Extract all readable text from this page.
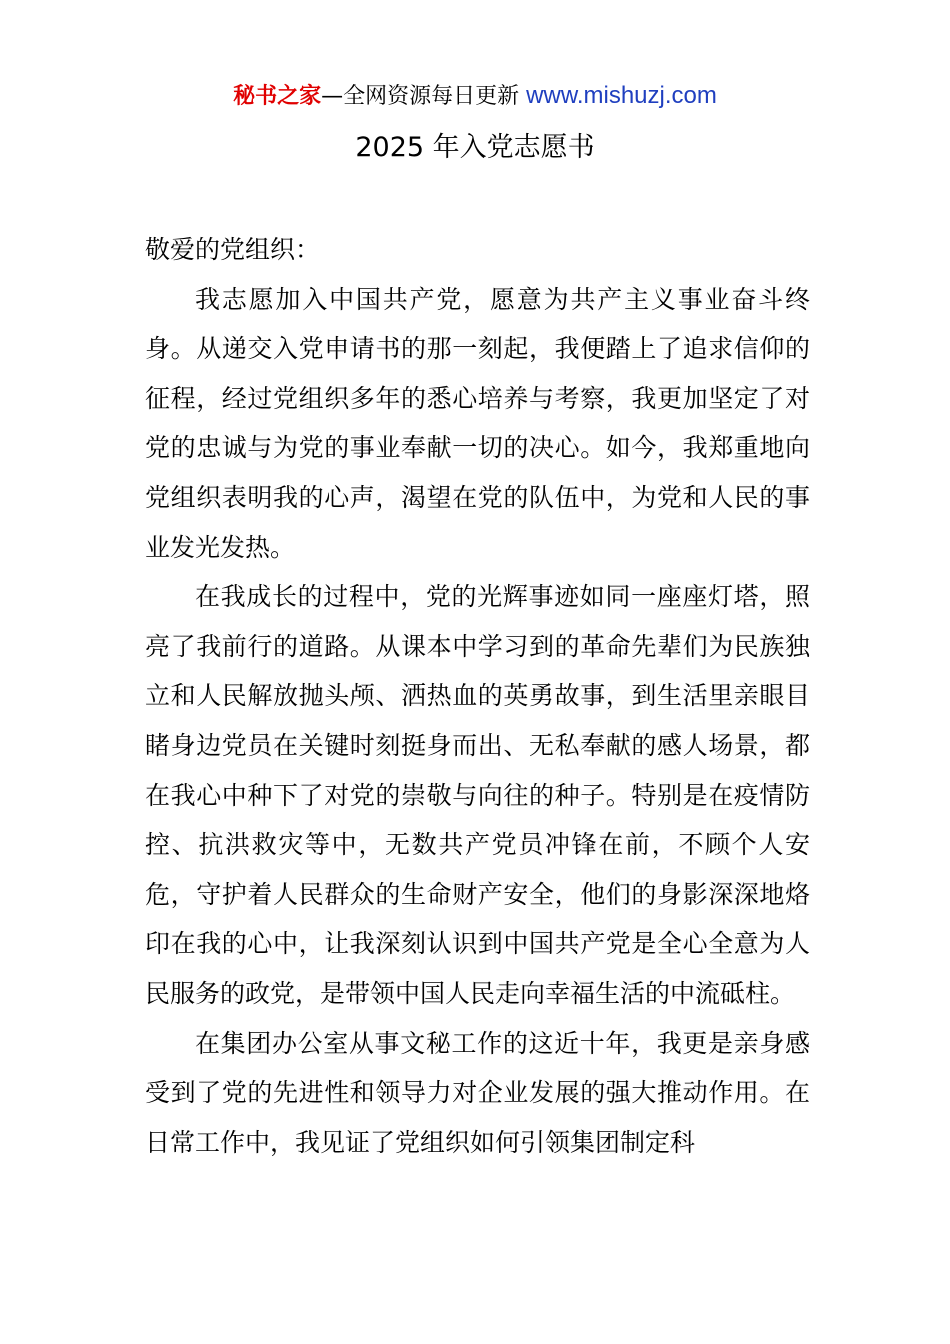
秘书之家—全网资源每日更新 www.mishuzj.com
2025 年入党志愿书

敬爱的党组织：

我志愿加入中国共产党，愿意为共产主义事业奋斗终身。从递交入党申请书的那一刻起，我便踏上了追求信仰的征程，经过党组织多年的悉心培养与考察，我更加坚定了对党的忠诚与为党的事业奉献一切的决心。如今，我郑重地向党组织表明我的心声，渴望在党的队伍中，为党和人民的事业发光发热。

在我成长的过程中，党的光辉事迹如同一座座灯塔，照亮了我前行的道路。从课本中学习到的革命先辈们为民族独立和人民解放抛头颅、洒热血的英勇故事，到生活里亲眼目睹身边党员在关键时刻挺身而出、无私奉献的感人场景，都在我心中种下了对党的崇敬与向往的种子。特别是在疫情防控、抗洪救灾等中，无数共产党员冲锋在前，不顾个人安危，守护着人民群众的生命财产安全，他们的身影深深地烙印在我的心中，让我深刻认识到中国共产党是全心全意为人民服务的政党，是带领中国人民走向幸福生活的中流砥柱。

在集团办公室从事文秘工作的这近十年，我更是亲身感受到了党的先进性和领导力对企业发展的强大推动作用。在日常工作中，我见证了党组织如何引领集团制定科
